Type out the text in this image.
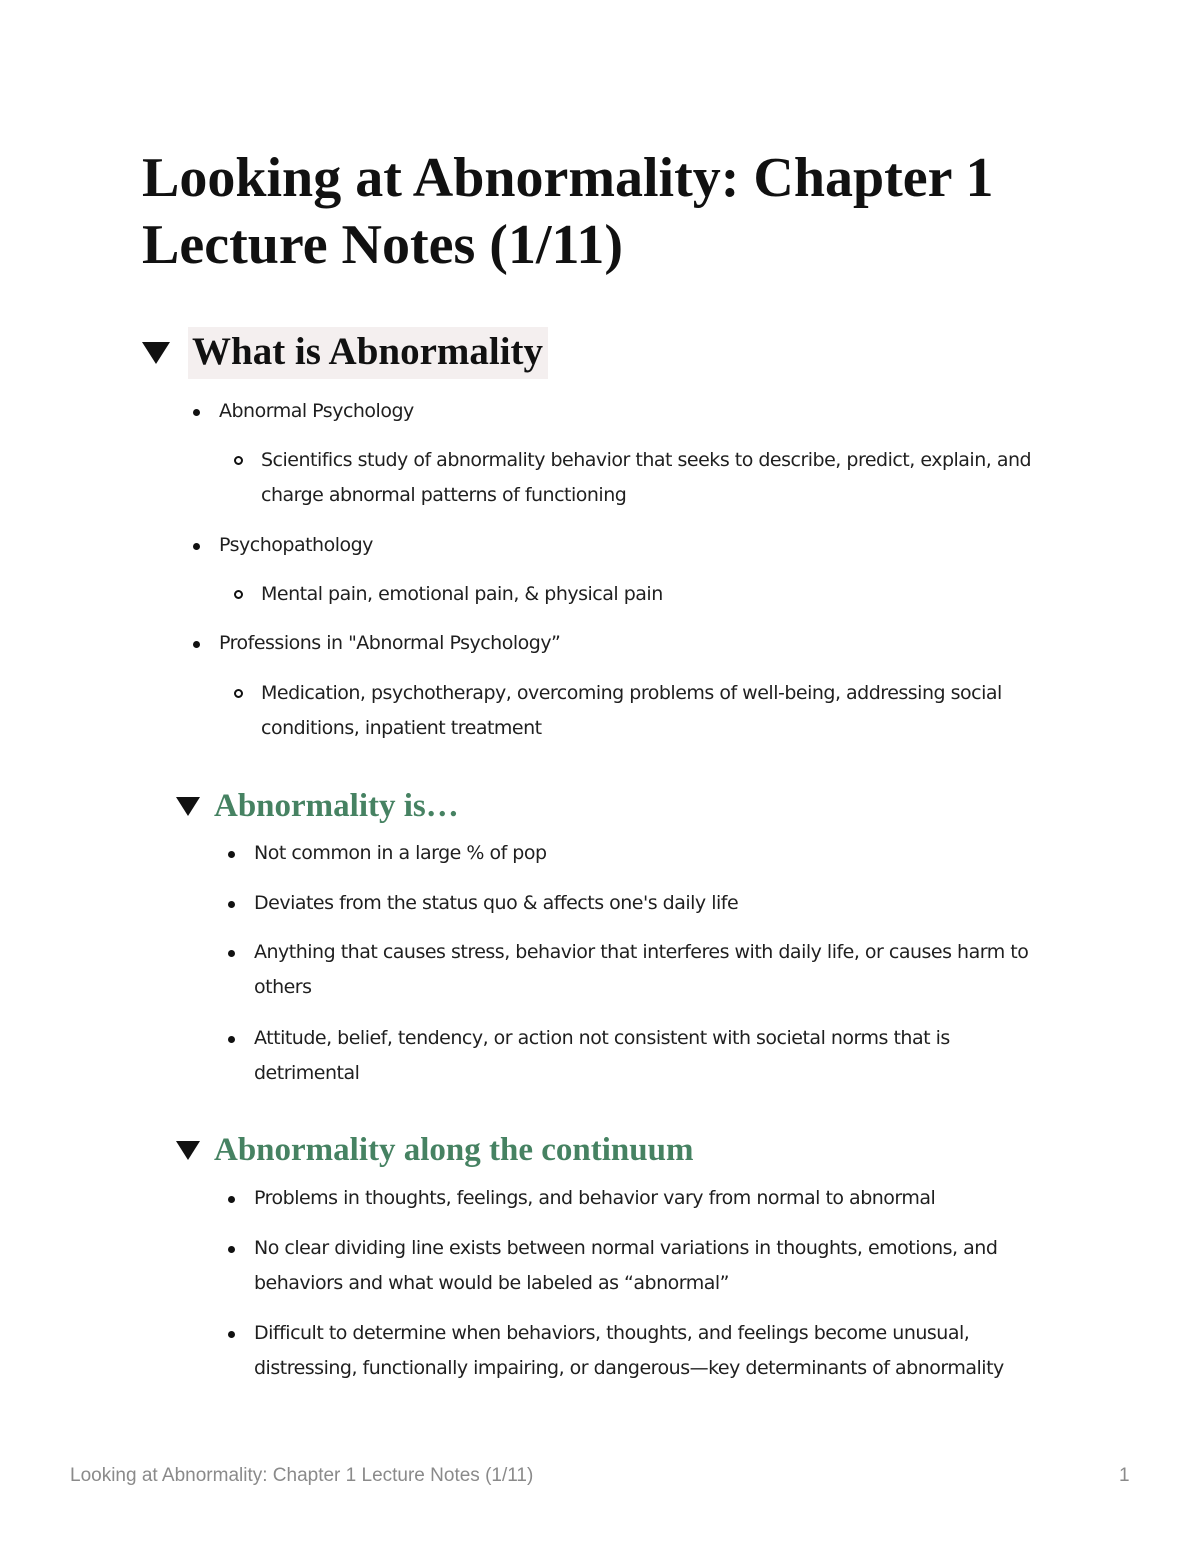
Looking at Abnormality: Chapter 1 Lecture Notes (1/11)
What is Abnormality
Abnormal Psychology
Scientifics study of abnormality behavior that seeks to describe, predict, explain, and charge abnormal patterns of functioning
Psychopathology
Mental pain, emotional pain, & physical pain
Professions in "Abnormal Psychology”
Medication, psychotherapy, overcoming problems of well-being, addressing social conditions, inpatient treatment
Abnormality is…
Not common in a large % of pop
Deviates from the status quo & affects one's daily life
Anything that causes stress, behavior that interferes with daily life, or causes harm to others
Attitude, belief, tendency, or action not consistent with societal norms that is detrimental
Abnormality along the continuum
Problems in thoughts, feelings, and behavior vary from normal to abnormal
No clear dividing line exists between normal variations in thoughts, emotions, and behaviors and what would be labeled as “abnormal”
Difficult to determine when behaviors, thoughts, and feelings become unusual, distressing, functionally impairing, or dangerous—key determinants of abnormality
Looking at Abnormality: Chapter 1 Lecture Notes (1/11)	1
